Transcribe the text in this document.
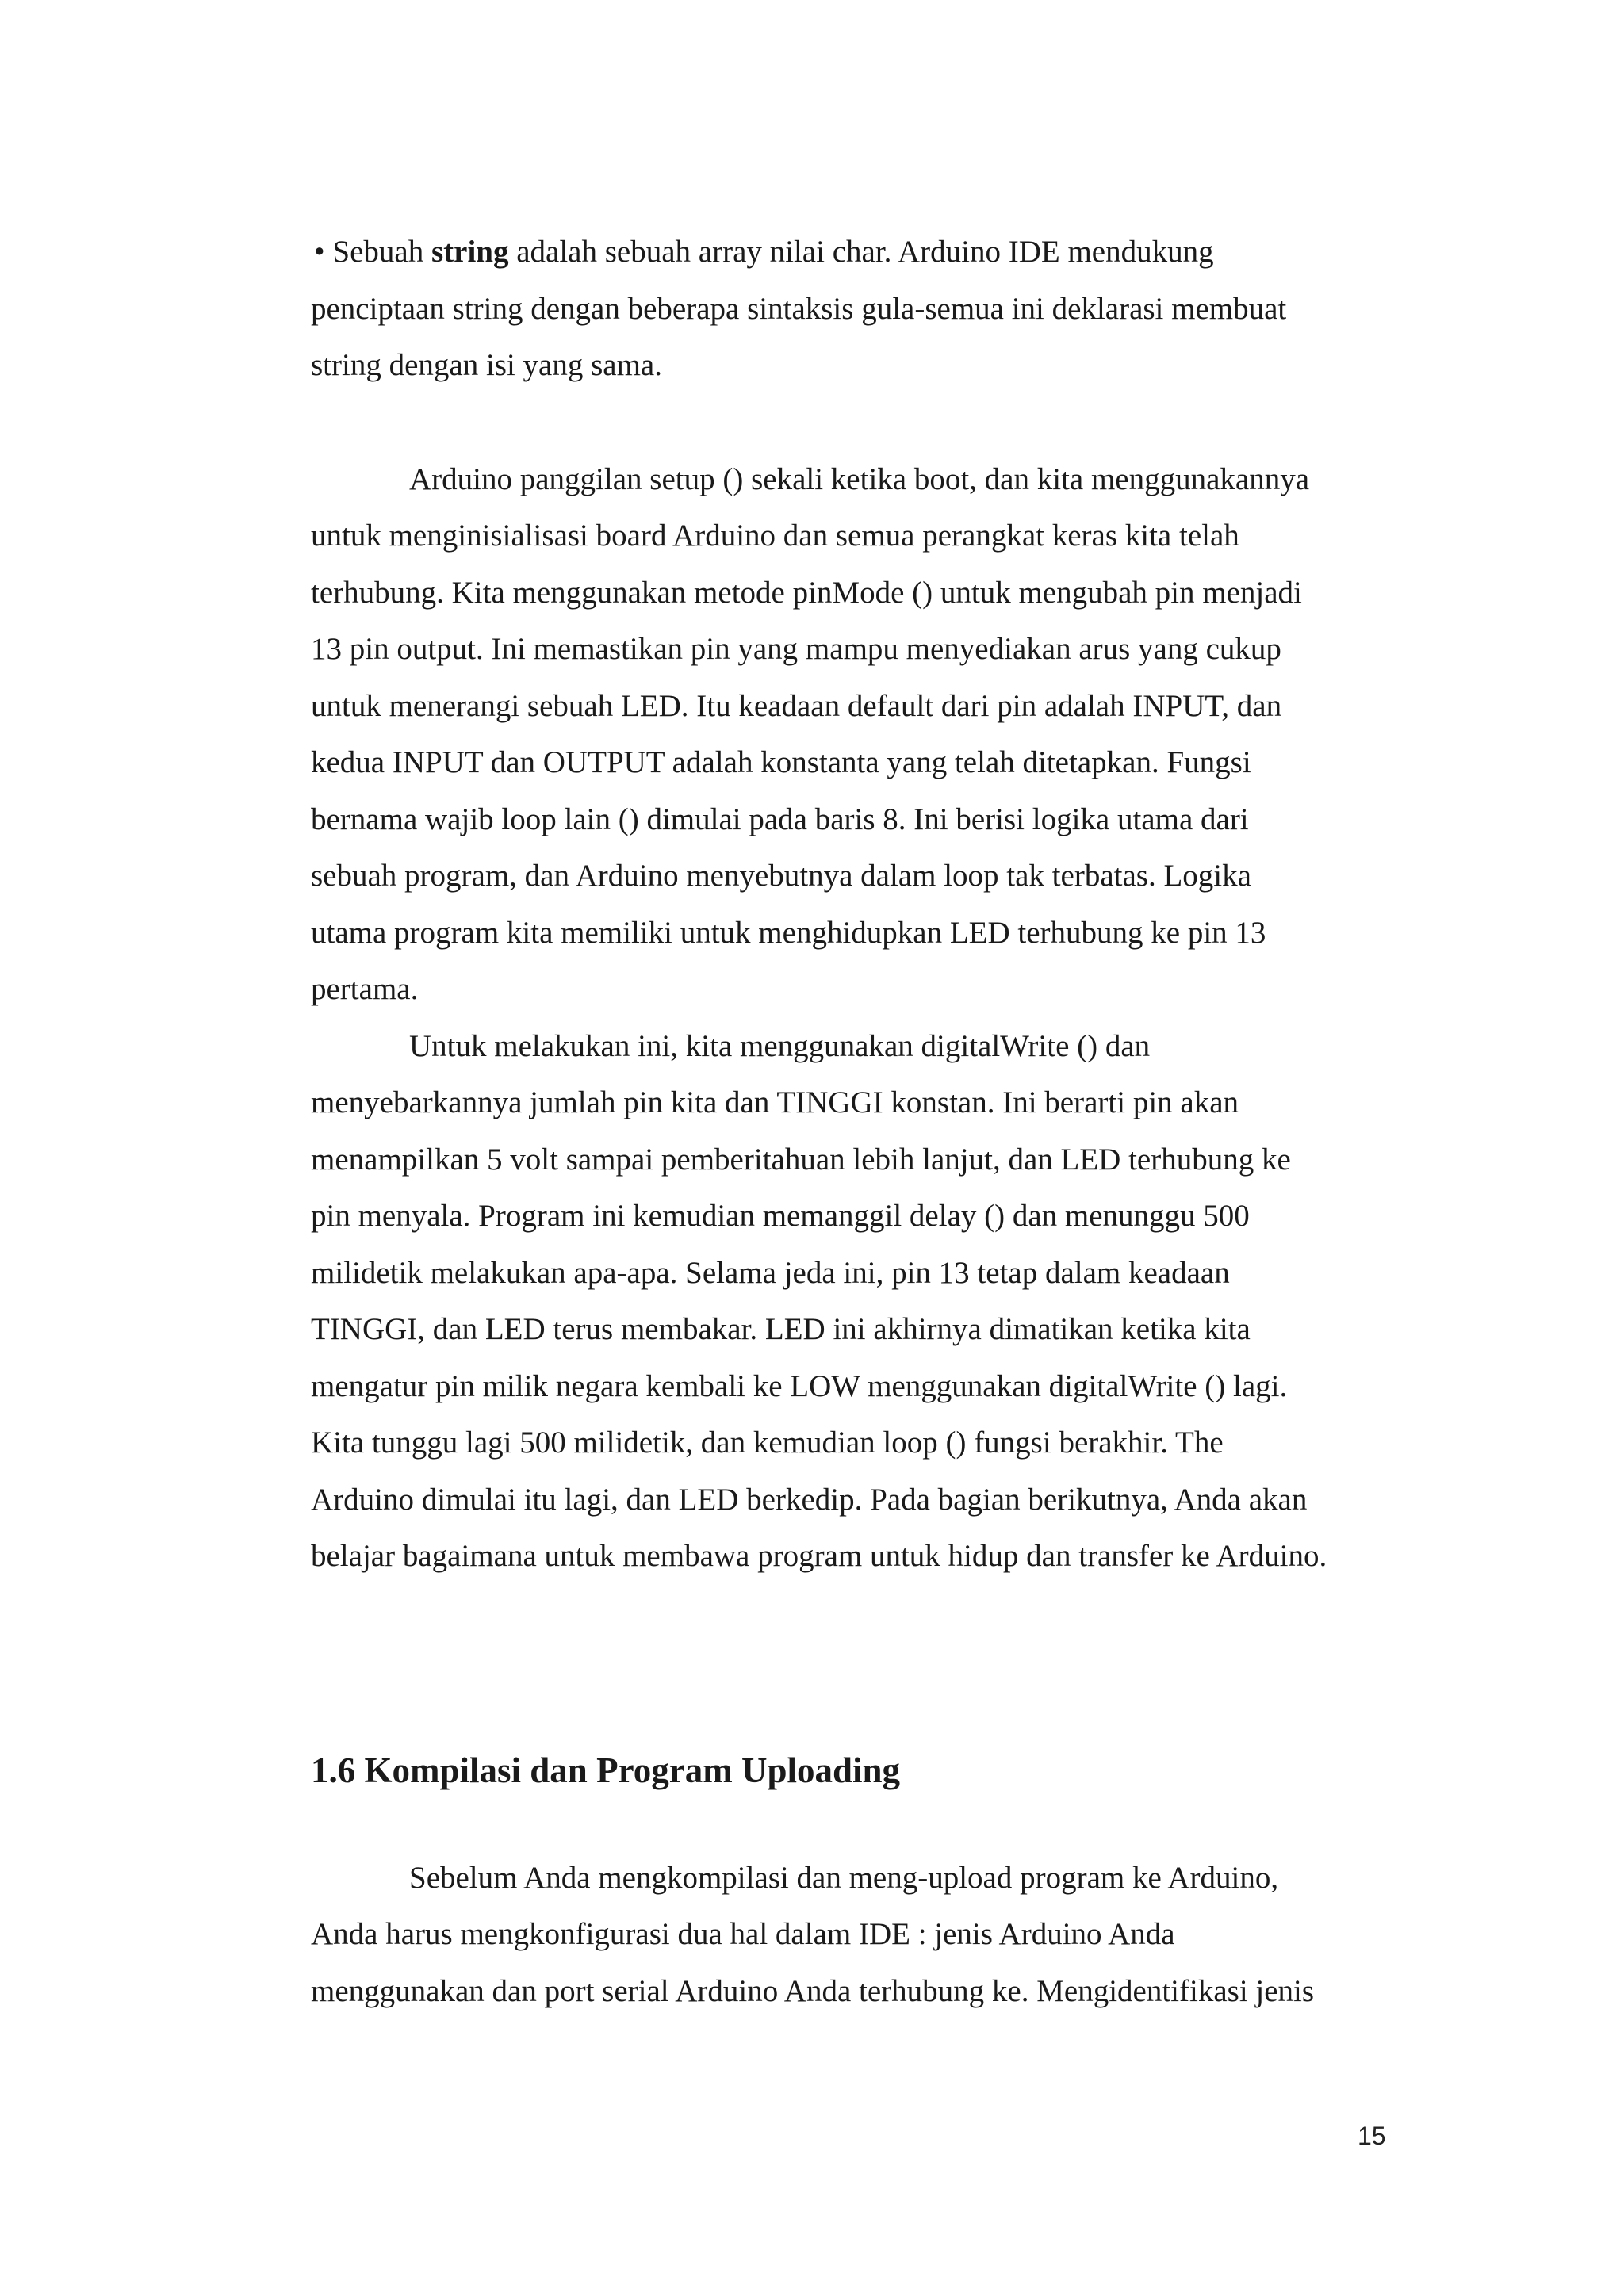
• Sebuah string adalah sebuah array nilai char. Arduino IDE mendukung
penciptaan string dengan beberapa sintaksis gula-semua ini deklarasi membuat
string dengan isi yang sama.
Arduino panggilan setup () sekali ketika boot, dan kita menggunakannya
untuk menginisialisasi board Arduino dan semua perangkat keras kita telah
terhubung. Kita menggunakan metode pinMode () untuk mengubah pin menjadi
13 pin output. Ini memastikan pin yang mampu menyediakan arus yang cukup
untuk menerangi sebuah LED. Itu keadaan default dari pin adalah INPUT, dan
kedua INPUT dan OUTPUT adalah konstanta yang telah ditetapkan. Fungsi
bernama wajib loop lain () dimulai pada baris 8. Ini berisi logika utama dari
sebuah program, dan Arduino menyebutnya dalam loop tak terbatas. Logika
utama program kita memiliki untuk menghidupkan LED terhubung ke pin 13
pertama.
Untuk melakukan ini, kita menggunakan digitalWrite () dan
menyebarkannya jumlah pin kita dan TINGGI konstan. Ini berarti pin akan
menampilkan 5 volt sampai pemberitahuan lebih lanjut, dan LED terhubung ke
pin menyala. Program ini kemudian memanggil delay () dan menunggu 500
milidetik melakukan apa-apa. Selama jeda ini, pin 13 tetap dalam keadaan
TINGGI, dan LED terus membakar. LED ini akhirnya dimatikan ketika kita
mengatur pin milik negara kembali ke LOW menggunakan digitalWrite () lagi.
Kita tunggu lagi 500 milidetik, dan kemudian loop () fungsi berakhir. The
Arduino dimulai itu lagi, dan LED berkedip. Pada bagian berikutnya, Anda akan
belajar bagaimana untuk membawa program untuk hidup dan transfer ke Arduino.
1.6 Kompilasi dan Program Uploading
Sebelum Anda mengkompilasi dan meng-upload program ke Arduino,
Anda harus mengkonfigurasi dua hal dalam IDE : jenis Arduino Anda
menggunakan dan port serial Arduino Anda terhubung ke. Mengidentifikasi jenis
15
